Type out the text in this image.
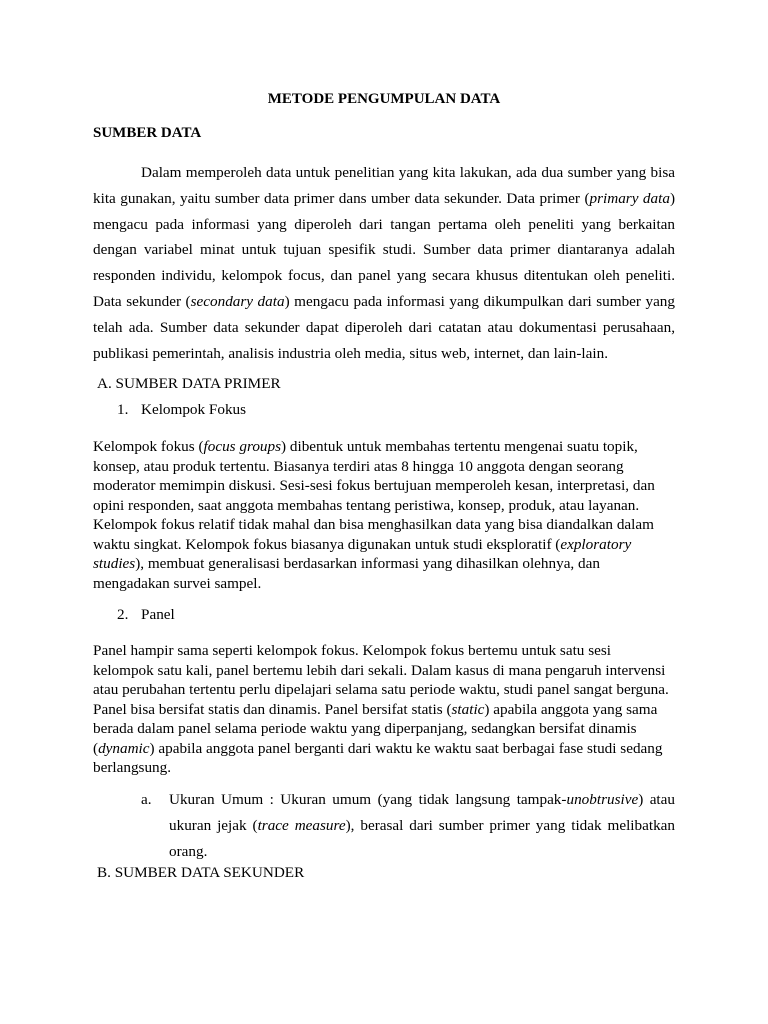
METODE PENGUMPULAN DATA
SUMBER DATA

Dalam memperoleh data untuk penelitian yang kita lakukan, ada dua sumber yang bisa kita gunakan, yaitu sumber data primer dans umber data sekunder. Data primer (primary data) mengacu pada informasi yang diperoleh dari tangan pertama oleh peneliti yang berkaitan dengan variabel minat untuk tujuan spesifik studi. Sumber data primer diantaranya adalah responden individu, kelompok focus, dan panel yang secara khusus ditentukan oleh peneliti. Data sekunder (secondary data) mengacu pada informasi yang dikumpulkan dari sumber yang telah ada. Sumber data sekunder dapat diperoleh dari catatan atau dokumentasi perusahaan, publikasi pemerintah, analisis industria oleh media, situs web, internet, dan lain-lain.

A. SUMBER DATA PRIMER
1. Kelompok Fokus

Kelompok fokus (focus groups) dibentuk untuk membahas tertentu mengenai suatu topik, konsep, atau produk tertentu. Biasanya terdiri atas 8 hingga 10 anggota dengan seorang moderator memimpin diskusi. Sesi-sesi fokus bertujuan memperoleh kesan, interpretasi, dan opini responden, saat anggota membahas tentang peristiwa, konsep, produk, atau layanan. Kelompok fokus relatif tidak mahal dan bisa menghasilkan data yang bisa diandalkan dalam waktu singkat. Kelompok fokus biasanya digunakan untuk studi eksploratif (exploratory studies), membuat generalisasi berdasarkan informasi yang dihasilkan olehnya, dan mengadakan survei sampel.

2. Panel

Panel hampir sama seperti kelompok fokus. Kelompok fokus bertemu untuk satu sesi kelompok satu kali, panel bertemu lebih dari sekali. Dalam kasus di mana pengaruh intervensi atau perubahan tertentu perlu dipelajari selama satu periode waktu, studi panel sangat berguna. Panel bisa bersifat statis dan dinamis. Panel bersifat statis (static) apabila anggota yang sama berada dalam panel selama periode waktu yang diperpanjang, sedangkan bersifat dinamis (dynamic) apabila anggota panel berganti dari waktu ke waktu saat berbagai fase studi sedang berlangsung.

a. Ukuran Umum : Ukuran umum (yang tidak langsung tampak-unobtrusive) atau ukuran jejak (trace measure), berasal dari sumber primer yang tidak melibatkan orang.

B. SUMBER DATA SEKUNDER
